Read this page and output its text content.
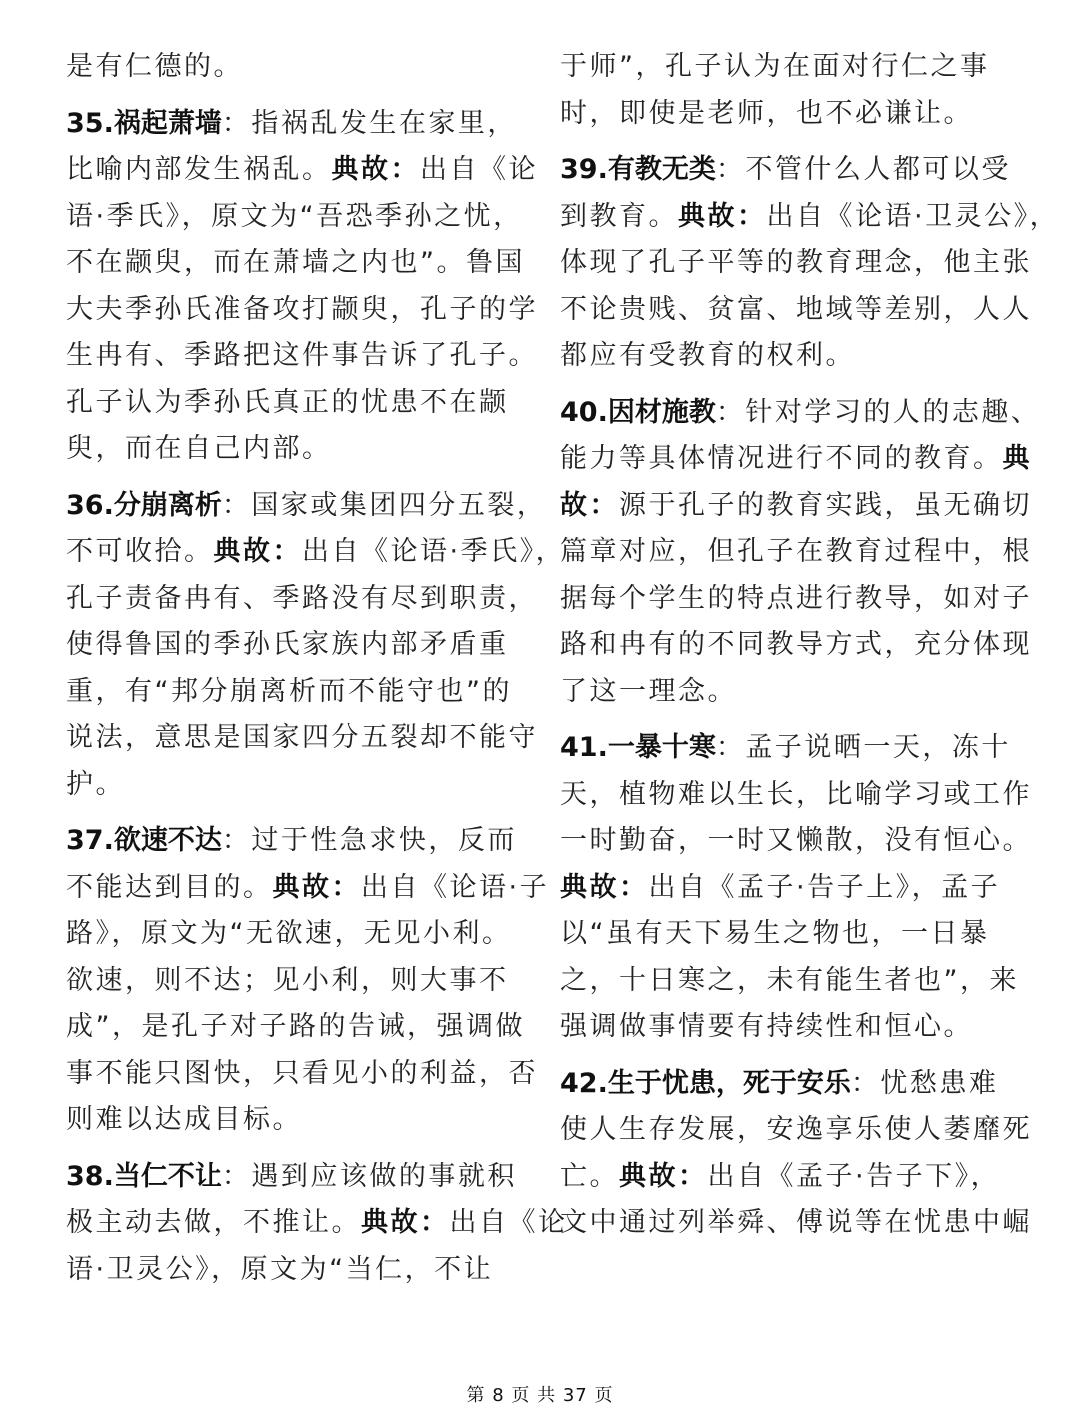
是有仁德的。
35.祸起萧墙：指祸乱发生在家里，
比喻内部发生祸乱。典故：出自《论
语·季氏》，原文为“吾恐季孙之忧，
不在颛臾，而在萧墙之内也”。鲁国
大夫季孙氏准备攻打颛臾，孔子的学
生冉有、季路把这件事告诉了孔子。
孔子认为季孙氏真正的忧患不在颛
臾，而在自己内部。
36.分崩离析：国家或集团四分五裂，
不可收拾。典故：出自《论语·季氏》，
孔子责备冉有、季路没有尽到职责，
使得鲁国的季孙氏家族内部矛盾重
重，有“邦分崩离析而不能守也”的
说法，意思是国家四分五裂却不能守
护。
37.欲速不达：过于性急求快，反而
不能达到目的。典故：出自《论语·子
路》，原文为“无欲速，无见小利。
欲速，则不达；见小利，则大事不
成”，是孔子对子路的告诫，强调做
事不能只图快，只看见小的利益，否
则难以达成目标。
38.当仁不让：遇到应该做的事就积
极主动去做，不推让。典故：出自《论
语·卫灵公》，原文为“当仁，不让
于师”，孔子认为在面对行仁之事
时，即使是老师，也不必谦让。
39.有教无类：不管什么人都可以受
到教育。典故：出自《论语·卫灵公》，
体现了孔子平等的教育理念，他主张
不论贵贱、贫富、地域等差别，人人
都应有受教育的权利。
40.因材施教：针对学习的人的志趣、
能力等具体情况进行不同的教育。典
故：源于孔子的教育实践，虽无确切
篇章对应，但孔子在教育过程中，根
据每个学生的特点进行教导，如对子
路和冉有的不同教导方式，充分体现
了这一理念。
41.一暴十寒：孟子说晒一天，冻十
天，植物难以生长，比喻学习或工作
一时勤奋，一时又懒散，没有恒心。
典故：出自《孟子·告子上》，孟子
以“虽有天下易生之物也，一日暴
之，十日寒之，未有能生者也”，来
强调做事情要有持续性和恒心。
42.生于忧患，死于安乐：忧愁患难
使人生存发展，安逸享乐使人萎靡死
亡。典故：出自《孟子·告子下》，
文中通过列举舜、傅说等在忧患中崛
第 8 页 共 37 页
